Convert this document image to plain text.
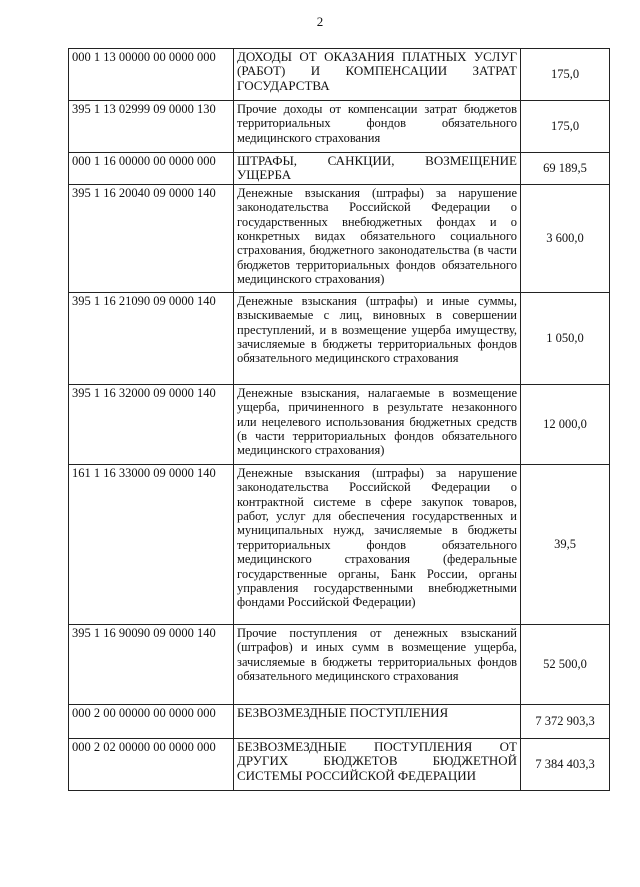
2
000 1 13 00000 00 0000 000	ДОХОДЫ ОТ ОКАЗАНИЯ ПЛАТНЫХ УСЛУГ (РАБОТ) И КОМПЕНСАЦИИ ЗАТРАТ ГОСУДАРСТВА	175,0
395 1 13 02999 09 0000 130	Прочие доходы от компенсации затрат бюджетов территориальных фондов обязательного медицинского страхования	175,0
000 1 16 00000 00 0000 000	ШТРАФЫ, САНКЦИИ, ВОЗМЕЩЕНИЕ УЩЕРБА	69 189,5
395 1 16 20040 09 0000 140	Денежные взыскания (штрафы) за нарушение законодательства Российской Федерации о государственных внебюджетных фондах и о конкретных видах обязательного социального страхования, бюджетного законодательства (в части бюджетов территориальных фондов обязательного медицинского страхования)	3 600,0
395 1 16 21090 09 0000 140	Денежные взыскания (штрафы) и иные суммы, взыскиваемые с лиц, виновных в совершении преступлений, и в возмещение ущерба имуществу, зачисляемые в бюджеты территориальных фондов обязательного медицинского страхования	1 050,0
395 1 16 32000 09 0000 140	Денежные взыскания, налагаемые в возмещение ущерба, причиненного в результате незаконного или нецелевого использования бюджетных средств (в части территориальных фондов обязательного медицинского страхования)	12 000,0
161 1 16 33000 09 0000 140	Денежные взыскания (штрафы) за нарушение законодательства Российской Федерации о контрактной системе в сфере закупок товаров, работ, услуг для обеспечения государственных и муниципальных нужд, зачисляемые в бюджеты территориальных фондов обязательного медицинского страхования (федеральные государственные органы, Банк России, органы управления государственными внебюджетными фондами Российской Федерации)	39,5
395 1 16 90090 09 0000 140	Прочие поступления от денежных взысканий (штрафов) и иных сумм в возмещение ущерба, зачисляемые в бюджеты территориальных фондов обязательного медицинского страхования	52 500,0
000 2 00 00000 00 0000 000	БЕЗВОЗМЕЗДНЫЕ ПОСТУПЛЕНИЯ	7 372 903,3
000 2 02 00000 00 0000 000	БЕЗВОЗМЕЗДНЫЕ ПОСТУПЛЕНИЯ ОТ ДРУГИХ БЮДЖЕТОВ БЮДЖЕТНОЙ СИСТЕМЫ РОССИЙСКОЙ ФЕДЕРАЦИИ	7 384 403,3
